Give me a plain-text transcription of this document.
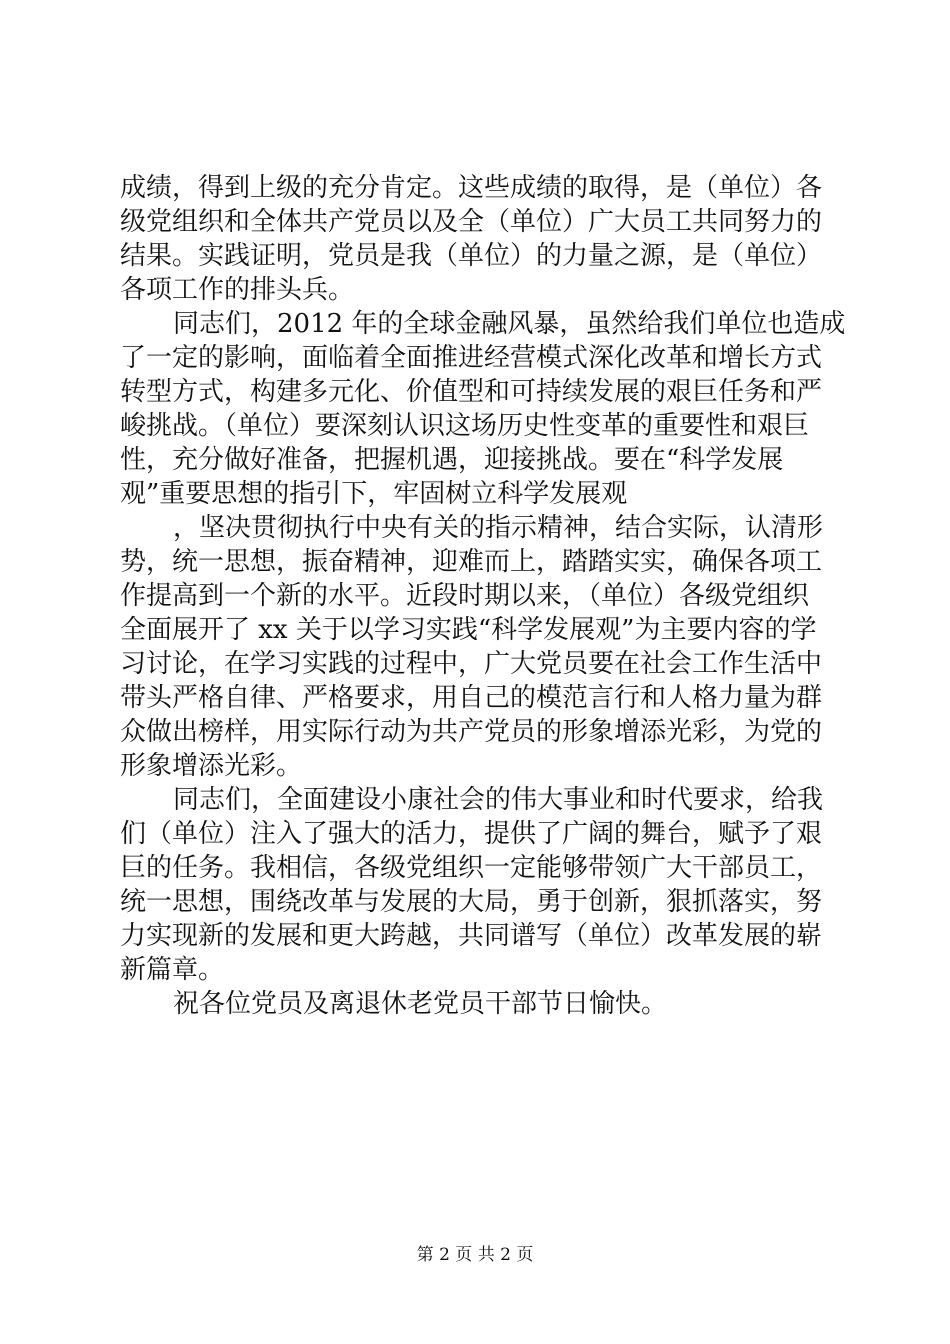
成绩，得到上级的充分肯定。这些成绩的取得，是（单位）各
级党组织和全体共产党员以及全（单位）广大员工共同努力的
结果。实践证明，党员是我（单位）的力量之源，是（单位）
各项工作的排头兵。
同志们，2012 年的全球金融风暴，虽然给我们单位也造成
了一定的影响，面临着全面推进经营模式深化改革和增长方式
转型方式，构建多元化、价值型和可持续发展的艰巨任务和严
峻挑战。（单位）要深刻认识这场历史性变革的重要性和艰巨
性，充分做好准备，把握机遇，迎接挑战。要在“科学发展
观”重要思想的指引下，牢固树立科学发展观
，坚决贯彻执行中央有关的指示精神，结合实际，认清形
势，统一思想，振奋精神，迎难而上，踏踏实实，确保各项工
作提高到一个新的水平。近段时期以来，（单位）各级党组织
全面展开了 xx 关于以学习实践“科学发展观”为主要内容的学
习讨论，在学习实践的过程中，广大党员要在社会工作生活中
带头严格自律、严格要求，用自己的模范言行和人格力量为群
众做出榜样，用实际行动为共产党员的形象增添光彩，为党的
形象增添光彩。
同志们，全面建设小康社会的伟大事业和时代要求，给我
们（单位）注入了强大的活力，提供了广阔的舞台，赋予了艰
巨的任务。我相信，各级党组织一定能够带领广大干部员工，
统一思想，围绕改革与发展的大局，勇于创新，狠抓落实，努
力实现新的发展和更大跨越，共同谱写（单位）改革发展的崭
新篇章。
祝各位党员及离退休老党员干部节日愉快。
第 2 页 共 2 页
